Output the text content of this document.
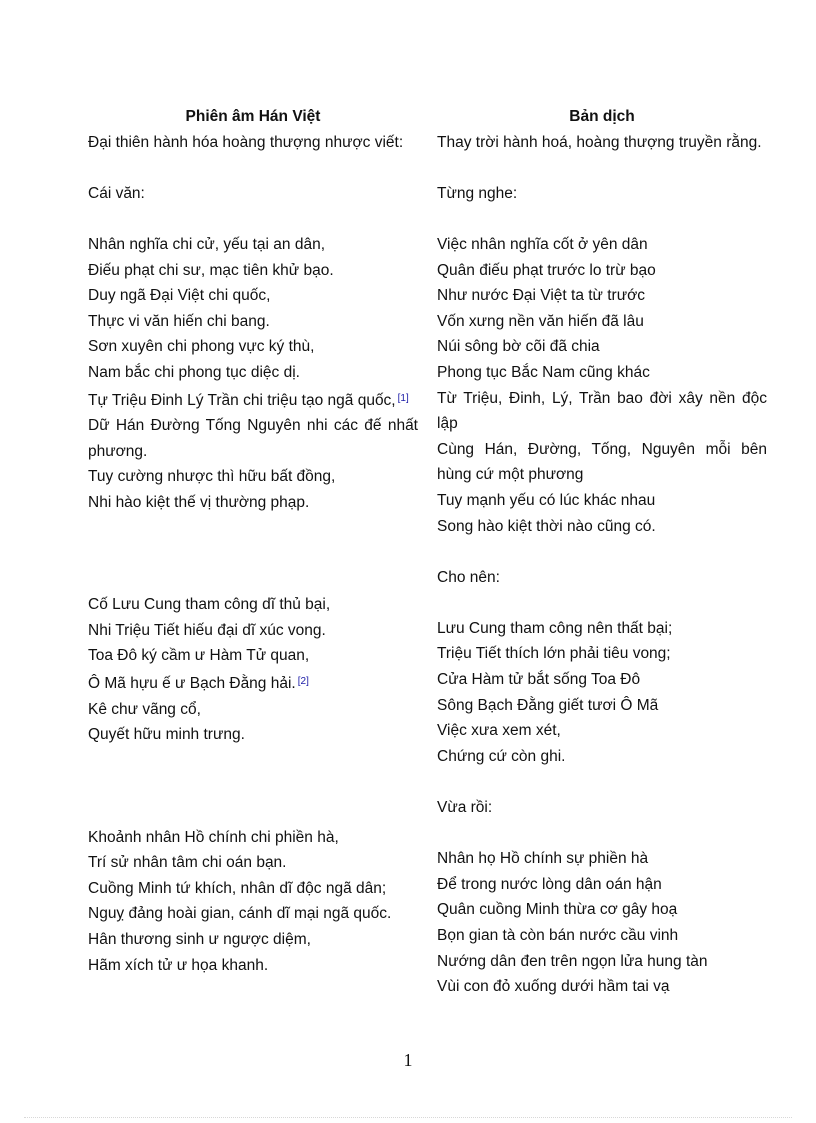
Phiên âm Hán Việt
Đại thiên hành hóa hoàng thượng nhược viết:
Cái văn:
Nhân nghĩa chi cử, yếu tại an dân,
Điếu phạt chi sư, mạc tiên khử bạo.
Duy ngã Đại Việt chi quốc,
Thực vi văn hiến chi bang.
Sơn xuyên chi phong vực ký thù,
Nam bắc chi phong tục diệc dị.
Tự Triệu Đinh Lý Trần chi triệu tạo ngã quốc, [1]
Dữ Hán Đường Tống Nguyên nhi các đế nhất phương.
Tuy cường nhược thì hữu bất đồng,
Nhi hào kiệt thế vị thường phạp.
Cố Lưu Cung tham công dĩ thủ bại,
Nhi Triệu Tiết hiếu đại dĩ xúc vong.
Toa Đô ký cầm ư Hàm Tử quan,
Ô Mã hựu ế ư Bạch Đằng hải. [2]
Kê chư vãng cổ,
Quyết hữu minh trưng.
Khoảnh nhân Hồ chính chi phiền hà,
Trí sử nhân tâm chi oán bạn.
Cuồng Minh tứ khích, nhân dĩ độc ngã dân;
Nguỵ đảng hoài gian, cánh dĩ mại ngã quốc.
Hân thương sinh ư ngược diệm,
Hãm xích tử ư họa khanh.
Bản dịch
Thay trời hành hoá, hoàng thượng truyền rằng.
Từng nghe:
Việc nhân nghĩa cốt ở yên dân
Quân điếu phạt trước lo trừ bạo
Như nước Đại Việt ta từ trước
Vốn xưng nền văn hiến đã lâu
Núi sông bờ cõi đã chia
Phong tục Bắc Nam cũng khác
Từ Triệu, Đinh, Lý, Trần bao đời xây nền độc lập
Cùng Hán, Đường, Tống, Nguyên mỗi bên hùng cứ một phương
Tuy mạnh yếu có lúc khác nhau
Song hào kiệt thời nào cũng có.
Cho nên:
Lưu Cung tham công nên thất bại;
Triệu Tiết thích lớn phải tiêu vong;
Cửa Hàm tử bắt sống Toa Đô
Sông Bạch Đằng giết tươi Ô Mã
Việc xưa xem xét,
Chứng cứ còn ghi.
Vừa rồi:
Nhân họ Hồ chính sự phiền hà
Để trong nước lòng dân oán hận
Quân cuồng Minh thừa cơ gây hoạ
Bọn gian tà còn bán nước cầu vinh
Nướng dân đen trên ngọn lửa hung tàn
Vùi con đỏ xuống dưới hầm tai vạ
1
